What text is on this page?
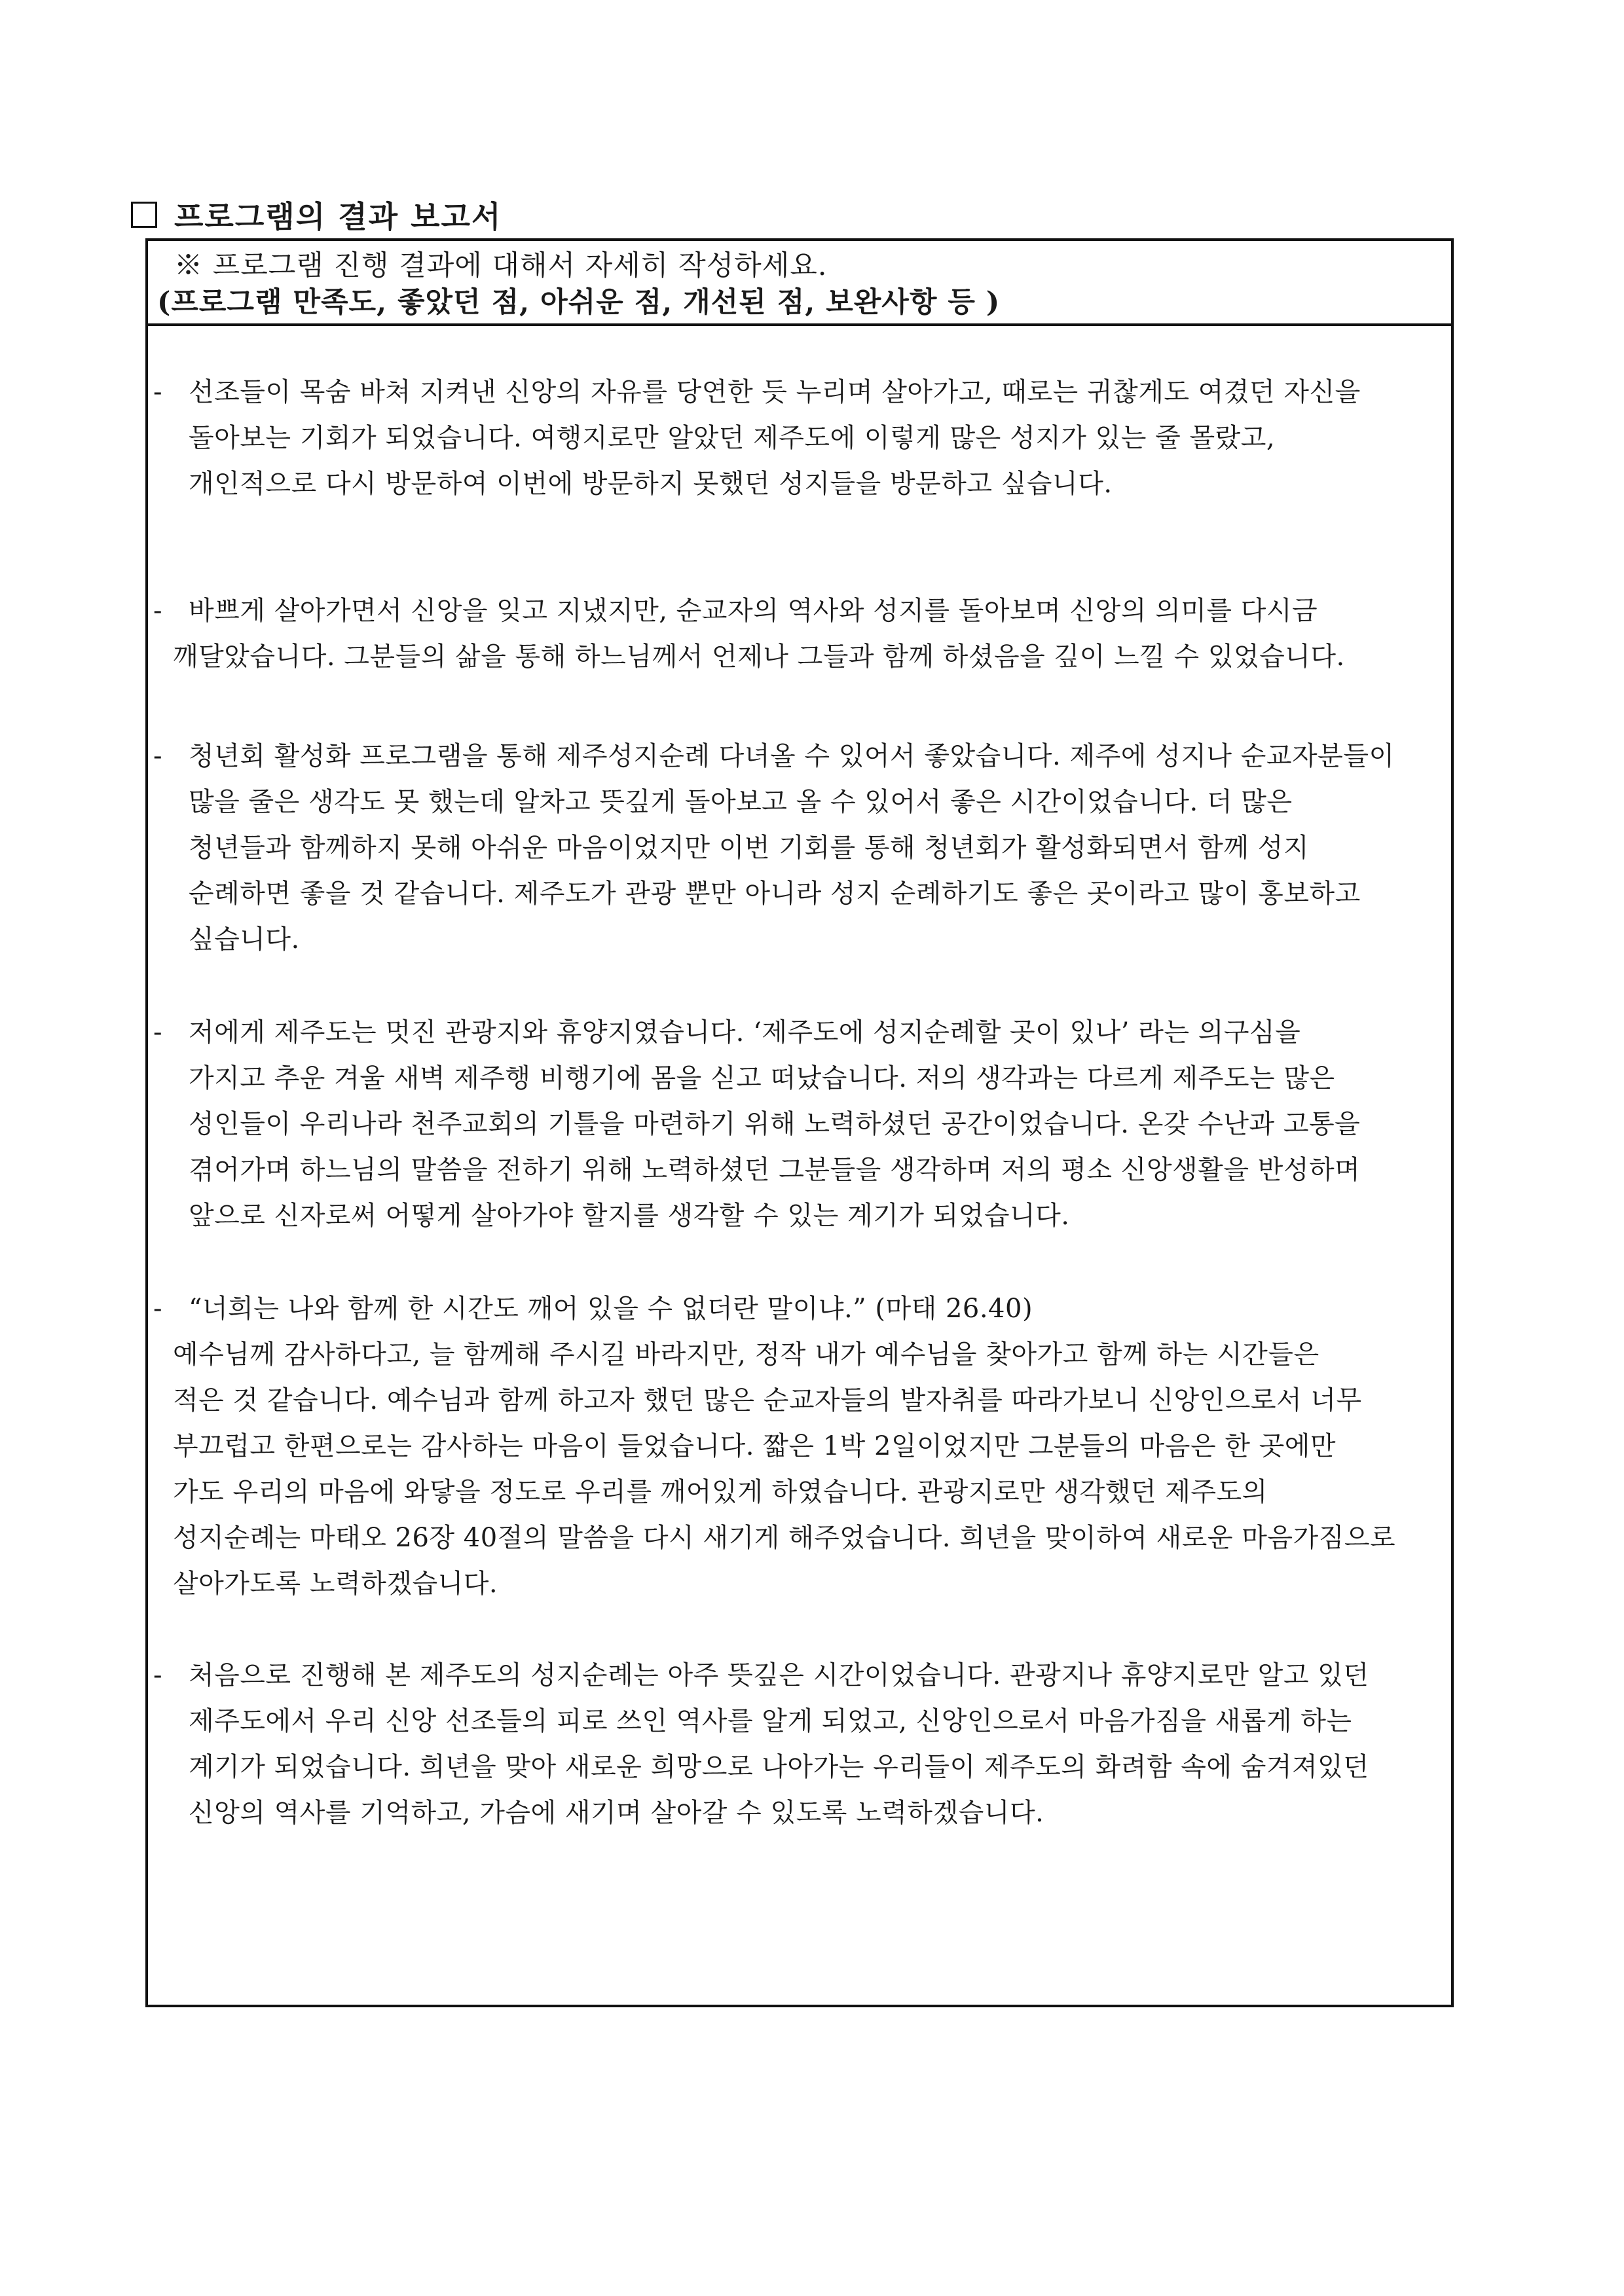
프로그램의 결과 보고서
※ 프로그램 진행 결과에 대해서 자세히 작성하세요.
(프로그램 만족도, 좋았던 점, 아쉬운 점, 개선된 점, 보완사항 등 )
- 선조들이 목숨 바쳐 지켜낸 신앙의 자유를 당연한 듯 누리며 살아가고, 때로는 귀찮게도 여겼던 자신을
돌아보는 기회가 되었습니다. 여행지로만 알았던 제주도에 이렇게 많은 성지가 있는 줄 몰랐고,
개인적으로 다시 방문하여 이번에 방문하지 못했던 성지들을 방문하고 싶습니다.
- 바쁘게 살아가면서 신앙을 잊고 지냈지만, 순교자의 역사와 성지를 돌아보며 신앙의 의미를 다시금
깨달았습니다. 그분들의 삶을 통해 하느님께서 언제나 그들과 함께 하셨음을 깊이 느낄 수 있었습니다.
- 청년회 활성화 프로그램을 통해 제주성지순례 다녀올 수 있어서 좋았습니다. 제주에 성지나 순교자분들이
많을 줄은 생각도 못 했는데 알차고 뜻깊게 돌아보고 올 수 있어서 좋은 시간이었습니다. 더 많은
청년들과 함께하지 못해 아쉬운 마음이었지만 이번 기회를 통해 청년회가 활성화되면서 함께 성지
순례하면 좋을 것 같습니다. 제주도가 관광 뿐만 아니라 성지 순례하기도 좋은 곳이라고 많이 홍보하고
싶습니다.
- 저에게 제주도는 멋진 관광지와 휴양지였습니다. ‘제주도에 성지순례할 곳이 있나’ 라는 의구심을
가지고 추운 겨울 새벽 제주행 비행기에 몸을 싣고 떠났습니다. 저의 생각과는 다르게 제주도는 많은
성인들이 우리나라 천주교회의 기틀을 마련하기 위해 노력하셨던 공간이었습니다. 온갖 수난과 고통을
겪어가며 하느님의 말씀을 전하기 위해 노력하셨던 그분들을 생각하며 저의 평소 신앙생활을 반성하며
앞으로 신자로써 어떻게 살아가야 할지를 생각할 수 있는 계기가 되었습니다.
- “너희는 나와 함께 한 시간도 깨어 있을 수 없더란 말이냐.” (마태 26.40)
예수님께 감사하다고, 늘 함께해 주시길 바라지만, 정작 내가 예수님을 찾아가고 함께 하는 시간들은
적은 것 같습니다. 예수님과 함께 하고자 했던 많은 순교자들의 발자취를 따라가보니 신앙인으로서 너무
부끄럽고 한편으로는 감사하는 마음이 들었습니다. 짧은 1박 2일이었지만 그분들의 마음은 한 곳에만
가도 우리의 마음에 와닿을 정도로 우리를 깨어있게 하였습니다. 관광지로만 생각했던 제주도의
성지순례는 마태오 26장 40절의 말씀을 다시 새기게 해주었습니다. 희년을 맞이하여 새로운 마음가짐으로
살아가도록 노력하겠습니다.
- 처음으로 진행해 본 제주도의 성지순례는 아주 뜻깊은 시간이었습니다. 관광지나 휴양지로만 알고 있던
제주도에서 우리 신앙 선조들의 피로 쓰인 역사를 알게 되었고, 신앙인으로서 마음가짐을 새롭게 하는
계기가 되었습니다. 희년을 맞아 새로운 희망으로 나아가는 우리들이 제주도의 화려함 속에 숨겨져있던
신앙의 역사를 기억하고, 가슴에 새기며 살아갈 수 있도록 노력하겠습니다.
